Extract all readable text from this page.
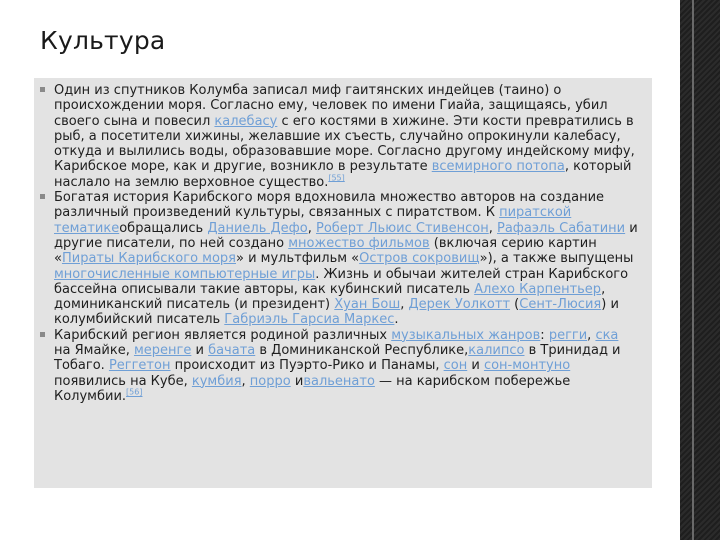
Культура
Один из спутников Колумба записал миф гаитянских индейцев (таино) о происхождении моря. Согласно ему, человек по имени Гиайа, защищаясь, убил своего сына и повесил калебасу с его костями в хижине. Эти кости превратились в рыб, а посетители хижины, желавшие их съесть, случайно опрокинули калебасу, откуда и вылились воды, образовавшие море. Согласно другому индейскому мифу, Карибское море, как и другие, возникло в результате всемирного потопа, который наслало на землю верховное существо.[55]
Богатая история Карибского моря вдохновила множество авторов на создание различный произведений культуры, связанных с пиратством. К пиратской тематикеобращались Даниель Дефо, Роберт Льюис Стивенсон, Рафаэль Сабатини и другие писатели, по ней создано множество фильмов (включая серию картин «Пираты Карибского моря» и мультфильм «Остров сокровищ»), а также выпущены многочисленные компьютерные игры. Жизнь и обычаи жителей стран Карибского бассейна описывали такие авторы, как кубинский писатель Алехо Карпентьер, доминиканский писатель (и президент) Хуан Бош, Дерек Уолкотт (Сент-Люсия) и колумбийский писатель Габриэль Гарсиа Маркес.
Карибский регион является родиной различных музыкальных жанров: регги, ска на Ямайке, меренге и бачата в Доминиканской Республике,калипсо в Тринидад и Тобаго. Реггетон происходит из Пуэрто-Рико и Панамы, сон и сон-монтуно появились на Кубе, кумбия, порро ивальенато — на карибском побережье Колумбии.[56]
